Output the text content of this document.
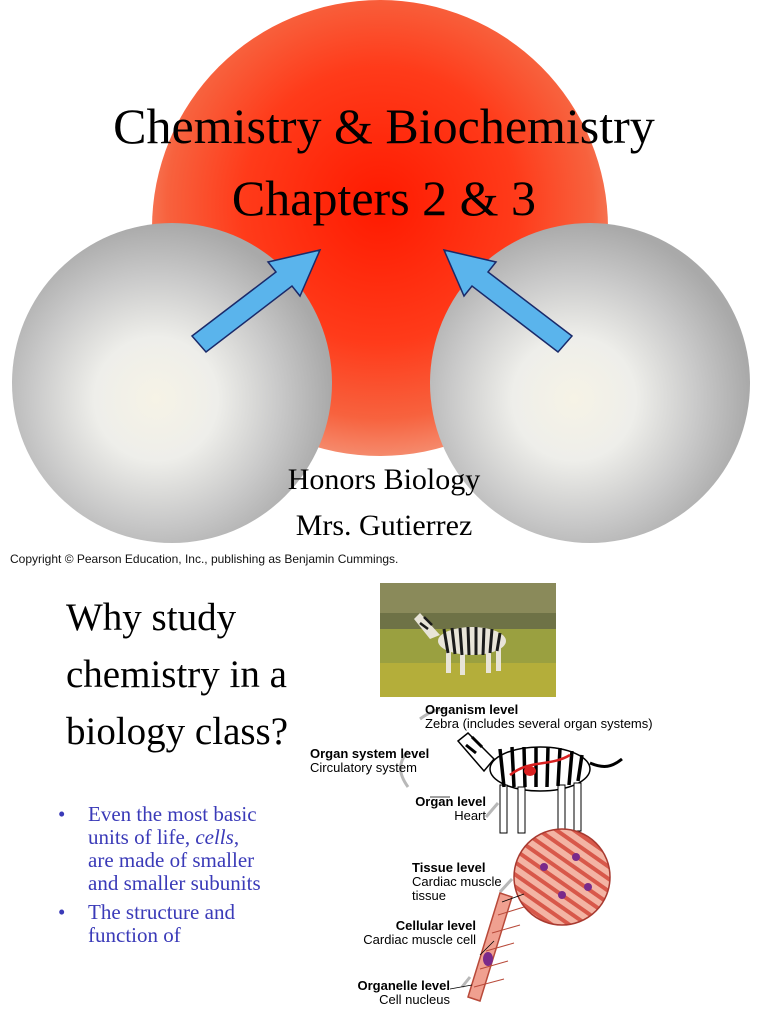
Chemistry & Biochemistry
Chapters 2 & 3
Honors Biology
Mrs. Gutierrez
Copyright © Pearson Education, Inc., publishing as Benjamin Cummings.
Why study chemistry in a biology class?
• Even the most basic units of life, cells, are made of smaller and smaller subunits
• The structure and function of
Organism level
Zebra (includes several organ systems)
Organ system level
Circulatory system
Organ level
Heart
Tissue level
Cardiac muscle tissue
Cellular level
Cardiac muscle cell
Organelle level
Cell nucleus
